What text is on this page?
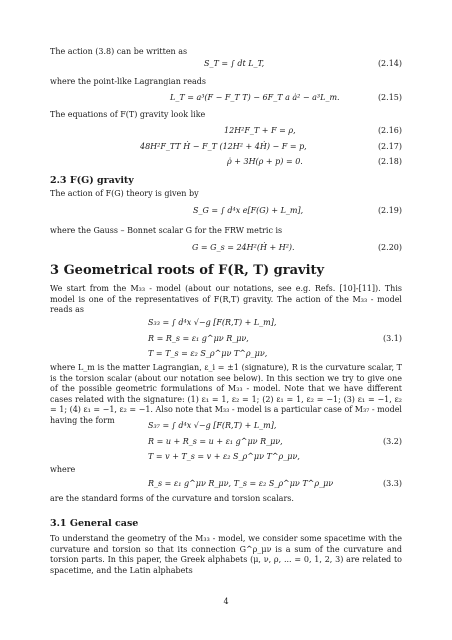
The action (3.8) can be written as
S_T = ∫ dt L_T,	(2.14)
where the point-like Lagrangian reads
L_T = a³(F − F_T T) − 6F_T a ȧ² − a³L_m.	(2.15)
The equations of F(T) gravity look like
12H²F_T + F = ρ,	(2.16)
48H²F_TT Ḣ − F_T (12H² + 4Ḣ) − F = p,	(2.17)
ρ̇ + 3H(ρ + p) = 0.	(2.18)
2.3 F(G) gravity
The action of F(G) theory is given by
S_G = ∫ d⁴x e[F(G) + L_m],	(2.19)
where the Gauss – Bonnet scalar G for the FRW metric is
G = G_s = 24H²(Ḣ + H²).	(2.20)
3 Geometrical roots of F(R, T) gravity
We start from the M₃₃ - model (about our notations, see e.g. Refs. [10]-[11]). This model is one of the representatives of F(R,T) gravity. The action of the M₃₃ - model reads as
S₃₃ = ∫ d⁴x √−g [F(R,T) + L_m],
R = R_s = ε₁ g^μν R_μν,
T = T_s = ε₂ S_ρ^μν T^ρ_μν,
(3.1)
where L_m is the matter Lagrangian, ε_i = ±1 (signature), R is the curvature scalar, T is the torsion scalar (about our notation see below). In this section we try to give one of the possible geometric formulations of M₃₃ - model. Note that we have different cases related with the signature: (1) ε₁ = 1, ε₂ = 1; (2) ε₁ = 1, ε₂ = −1; (3) ε₁ = −1, ε₂ = 1; (4) ε₁ = −1, ε₂ = −1. Also note that M₃₃ - model is a particular case of M₃₇ - model having the form
S₃₇ = ∫ d⁴x √−g [F(R,T) + L_m],
R = u + R_s = u + ε₁ g^μν R_μν,
T = v + T_s = v + ε₂ S_ρ^μν T^ρ_μν,
(3.2)
where
R_s = ε₁ g^μν R_μν, T_s = ε₂ S_ρ^μν T^ρ_μν	(3.3)
are the standard forms of the curvature and torsion scalars.
3.1 General case
To understand the geometry of the M₃₃ - model, we consider some spacetime with the curvature and torsion so that its connection G^ρ_μν is a sum of the curvature and torsion parts. In this paper, the Greek alphabets (μ, ν, ρ, ... = 0, 1, 2, 3) are related to spacetime, and the Latin alphabets
4
